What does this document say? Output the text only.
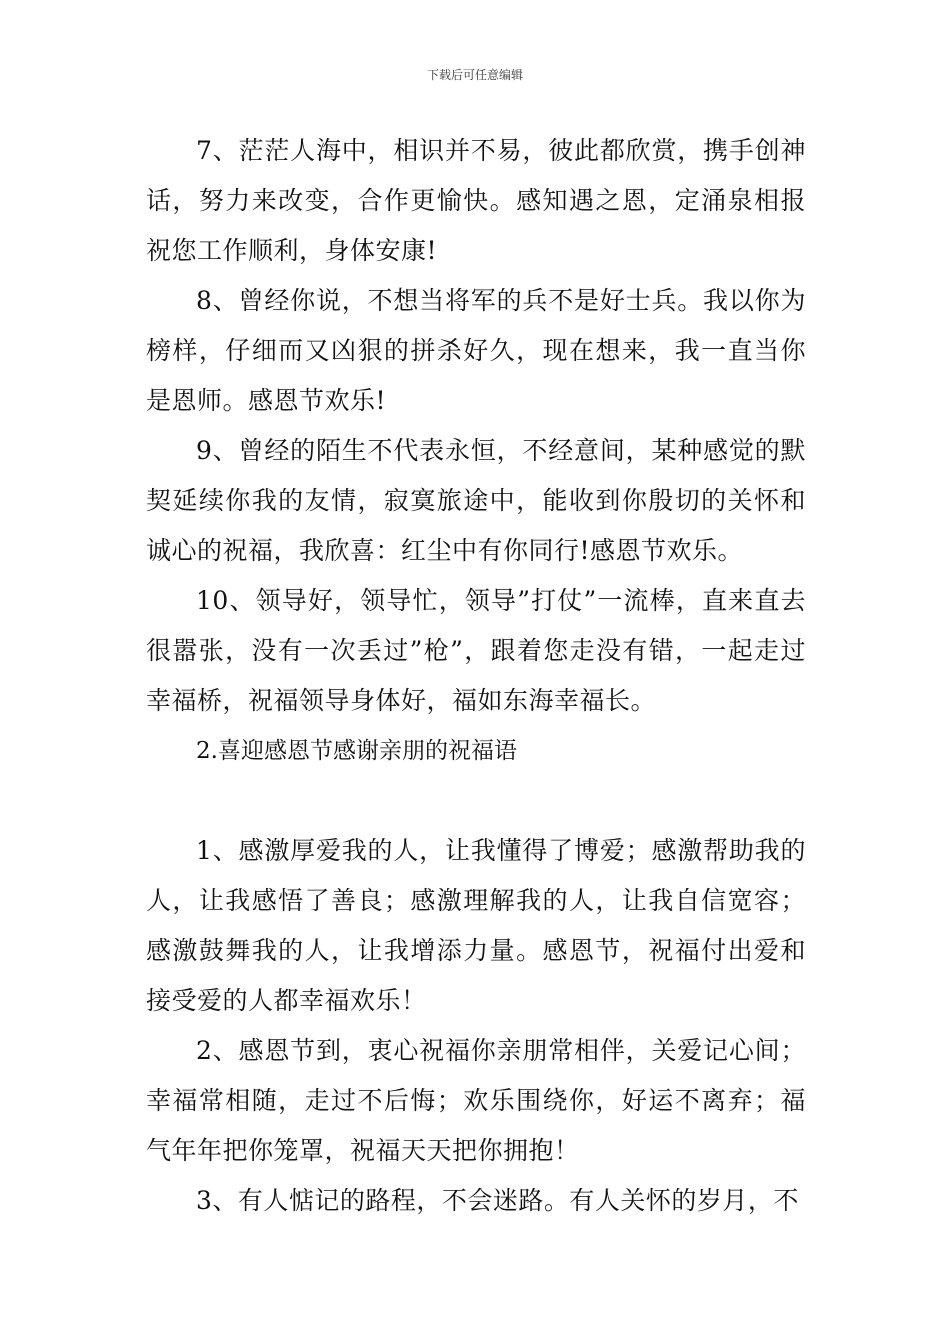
下载后可任意编辑

7、茫茫人海中，相识并不易，彼此都欣赏，携手创神话，努力来改变，合作更愉快。感知遇之恩，定涌泉相报祝您工作顺利，身体安康!

8、曾经你说，不想当将军的兵不是好士兵。我以你为榜样，仔细而又凶狠的拼杀好久，现在想来，我一直当你是恩师。感恩节欢乐!

9、曾经的陌生不代表永恒，不经意间，某种感觉的默契延续你我的友情，寂寞旅途中，能收到你殷切的关怀和诚心的祝福，我欣喜：红尘中有你同行!感恩节欢乐。

10、领导好，领导忙，领导”打仗”一流棒，直来直去很嚣张，没有一次丢过”枪”，跟着您走没有错，一起走过幸福桥，祝福领导身体好，福如东海幸福长。

2.喜迎感恩节感谢亲朋的祝福语

1、感激厚爱我的人，让我懂得了博爱；感激帮助我的人，让我感悟了善良；感激理解我的人，让我自信宽容；感激鼓舞我的人，让我增添力量。感恩节，祝福付出爱和接受爱的人都幸福欢乐！

2、感恩节到，衷心祝福你亲朋常相伴，关爱记心间；幸福常相随，走过不后悔；欢乐围绕你，好运不离弃；福气年年把你笼罩，祝福天天把你拥抱！

3、有人惦记的路程，不会迷路。有人关怀的岁月，不
